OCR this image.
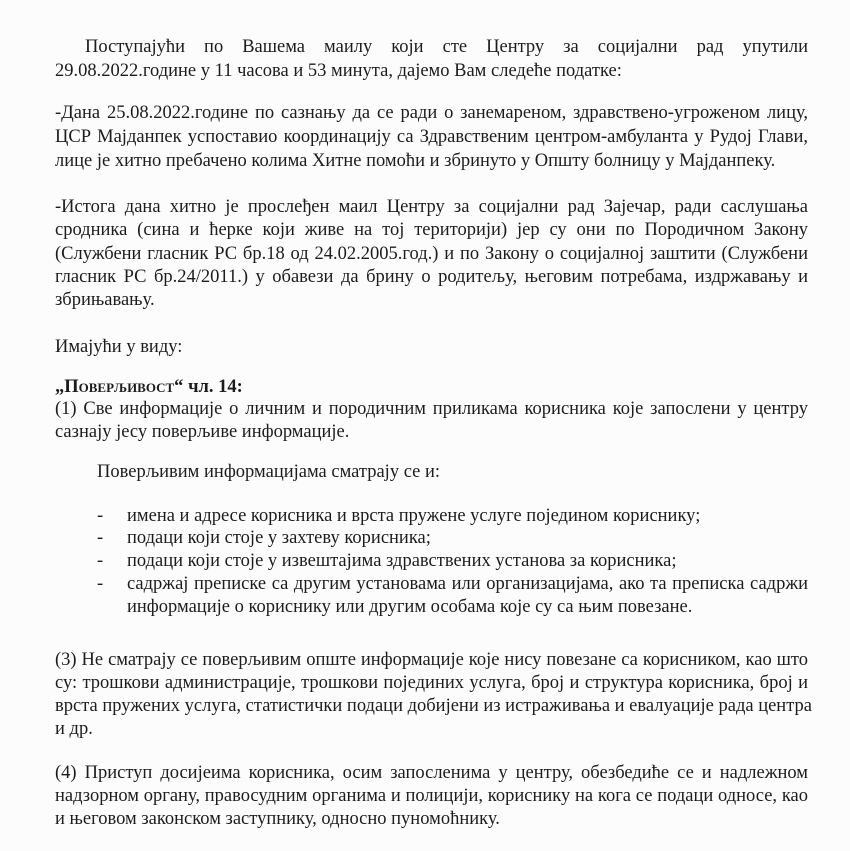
Поступајући по Вашема маилу који сте Центру за социјални рад упутили
29.08.2022.године у 11 часова и 53 минута, дајемо Вам следеће податке:
-Дана 25.08.2022.године по сазнању да се ради о занемареном, здравствено-угроженом лицу,
ЦСР Мајданпек успоставио координацију са Здравственим центром-амбуланта у Рудој Глави,
лице је хитно пребачено колима Хитне помоћи и збринуто у Општу болницу у Мајданпеку.
-Истога дана хитно је прослеђен маил Центру за социјални рад Зајечар, ради саслушања
сродника (сина и ћерке који живе на тој територији) јер су они по Породичном Закону
(Службени гласник РС бр.18 од 24.02.2005.год.) и по Закону о социјалној заштити (Службени
гласник РС бр.24/2011.) у обавези да брину о родитељу, његовим потребама, издржавању и
збрињавању.
Имајући у виду:
„Поверљивост“ чл. 14:
(1) Све информације о личним и породичним приликама корисника које запослени у центру
сазнају јесу поверљиве информације.
Поверљивим информацијама сматрају се и:
- имена и адресе корисника и врста пружене услуге поједином кориснику;
- подаци који стоје у захтеву корисника;
- подаци који стоје у извештајима здравствених установа за корисника;
- садржај преписке са другим установама или организацијама, ако та преписка садржи
информације о кориснику или другим особама које су са њим повезане.
(3) Не сматрају се поверљивим опште информације које нису повезане са корисником, као што
су: трошкови администрације, трошкови појединих услуга, број и структура корисника, број и
врста пружених услуга, статистички подаци добијени из истраживања и евалуације рада центра
и др.
(4) Приступ досијеима корисника, осим запосленима у центру, обезбедиће се и надлежном
надзорном органу, правосудним органима и полицији, кориснику на кога се подаци односе, као
и његовом законском заступнику, односно пуномоћнику.
